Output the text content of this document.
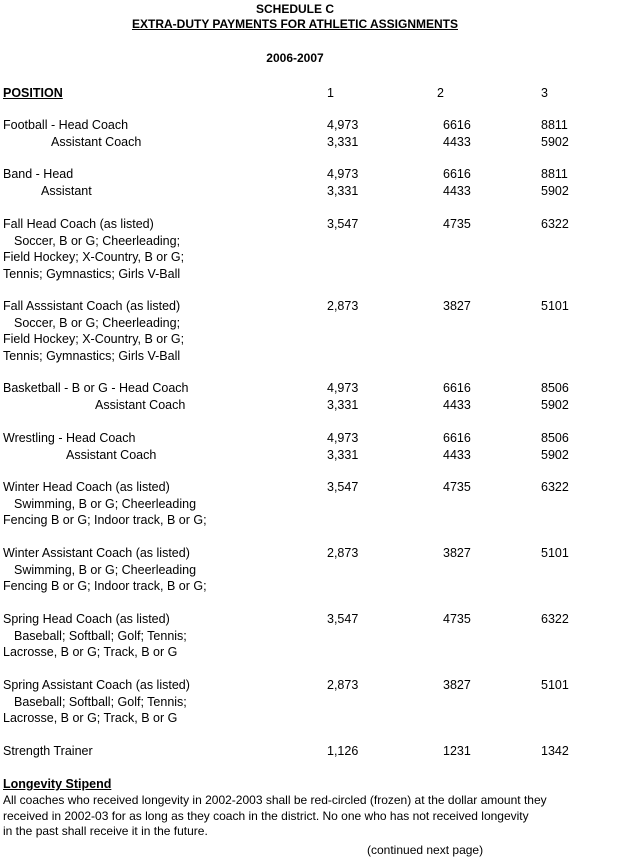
SCHEDULE C
EXTRA-DUTY PAYMENTS FOR ATHLETIC ASSIGNMENTS
2006-2007
POSITION	1	2	3
Football - Head Coach	4,973	6616	8811
Assistant Coach	3,331	4433	5902
Band - Head	4,973	6616	8811
Assistant	3,331	4433	5902
Fall Head Coach (as listed)	3,547	4735	6322
Soccer, B or G; Cheerleading;
Field Hockey; X-Country, B or G;
Tennis; Gymnastics; Girls V-Ball
Fall Asssistant Coach (as listed)	2,873	3827	5101
Soccer, B or G; Cheerleading;
Field Hockey; X-Country, B or G;
Tennis; Gymnastics; Girls V-Ball
Basketball - B or G - Head Coach	4,973	6616	8506
Assistant Coach	3,331	4433	5902
Wrestling - Head Coach	4,973	6616	8506
Assistant Coach	3,331	4433	5902
Winter Head Coach (as listed)	3,547	4735	6322
Swimming, B or G; Cheerleading
Fencing B or G; Indoor track, B or G;
Winter Assistant Coach (as listed)	2,873	3827	5101
Swimming, B or G; Cheerleading
Fencing B or G; Indoor track, B or G;
Spring Head Coach (as listed)	3,547	4735	6322
Baseball; Softball; Golf; Tennis;
Lacrosse, B or G; Track, B or G
Spring Assistant Coach (as listed)	2,873	3827	5101
Baseball; Softball; Golf; Tennis;
Lacrosse, B or G; Track, B or G
Strength Trainer	1,126	1231	1342
Longevity Stipend
All coaches who received longevity in 2002-2003 shall be red-circled (frozen) at the dollar amount they
received in 2002-03 for as long as they coach in the district. No one who has not received longevity
in the past shall receive it in the future.
(continued next page)
